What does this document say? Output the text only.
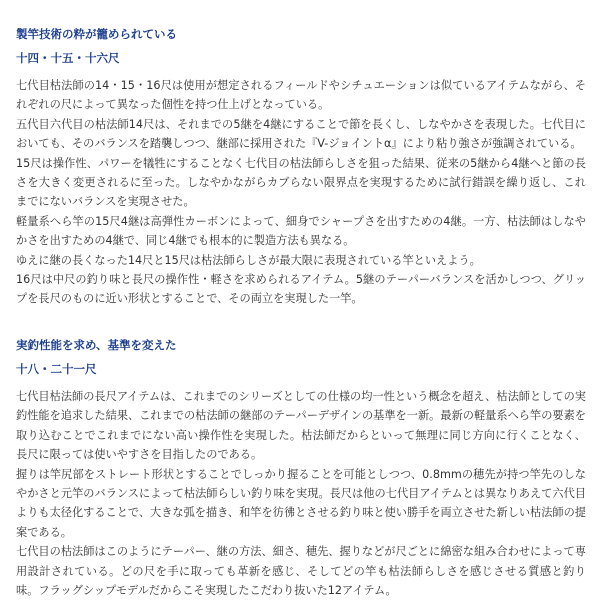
製竿技術の粋が籠められている
十四・十五・十六尺

七代目枯法師の14・15・16尺は使用が想定されるフィールドやシチュエーションは似ているアイテムながら、それぞれの尺によって異なった個性を持つ仕上げとなっている。

五代目六代目の枯法師14尺は、それまでの5継を4継にすることで節を長くし、しなやかさを表現した。七代目においても、そのバランスを踏襲しつつ、継部に採用された『V-ジョイントα』により粘り強さが強調されている。

15尺は操作性、パワーを犠牲にすることなく七代目の枯法師らしさを狙った結果、従来の5継から4継へと節の長さを大きく変更されるに至った。しなやかながらカブらない限界点を実現するために試行錯誤を繰り返し、これまでにないバランスを実現させた。

軽量系へら竿の15尺4継は高弾性カーボンによって、細身でシャープさを出すための4継。一方、枯法師はしなやかさを出すための4継で、同じ4継でも根本的に製造方法も異なる。

ゆえに継の長くなった14尺と15尺は枯法師らしさが最大限に表現されている竿といえよう。

16尺は中尺の釣り味と長尺の操作性・軽さを求められるアイテム。5継のテーパーバランスを活かしつつ、グリップを長尺のものに近い形状とすることで、その両立を実現した一竿。

実釣性能を求め、基準を変えた
十八・二十一尺

七代目枯法師の長尺アイテムは、これまでのシリーズとしての仕様の均一性という概念を超え、枯法師としての実釣性能を追求した結果、これまでの枯法師の継部のテーパーデザインの基準を一新。最新の軽量系へら竿の要素を取り込むことでこれまでにない高い操作性を実現した。枯法師だからといって無理に同じ方向に行くことなく、長尺に限っては使いやすさを目指したのである。

握りは竿尻部をストレート形状とすることでしっかり握ることを可能としつつ、0.8mmの穂先が持つ竿先のしなやかさと元竿のバランスによって枯法師らしい釣り味を実現。長尺は他の七代目アイテムとは異なりあえて六代目よりも太径化することで、大きな弧を描き、和竿を彷彿とさせる釣り味と使い勝手を両立させた新しい枯法師の提案である。

七代目の枯法師はこのようにテーパー、継の方法、細さ、穂先、握りなどが尺ごとに綿密な組み合わせによって専用設計されている。どの尺を手に取っても革新を感じ、そしてどの竿も枯法師らしさを感じさせる質感と釣り味。フラッグシップモデルだからこそ実現したこだわり抜いた12アイテム。
